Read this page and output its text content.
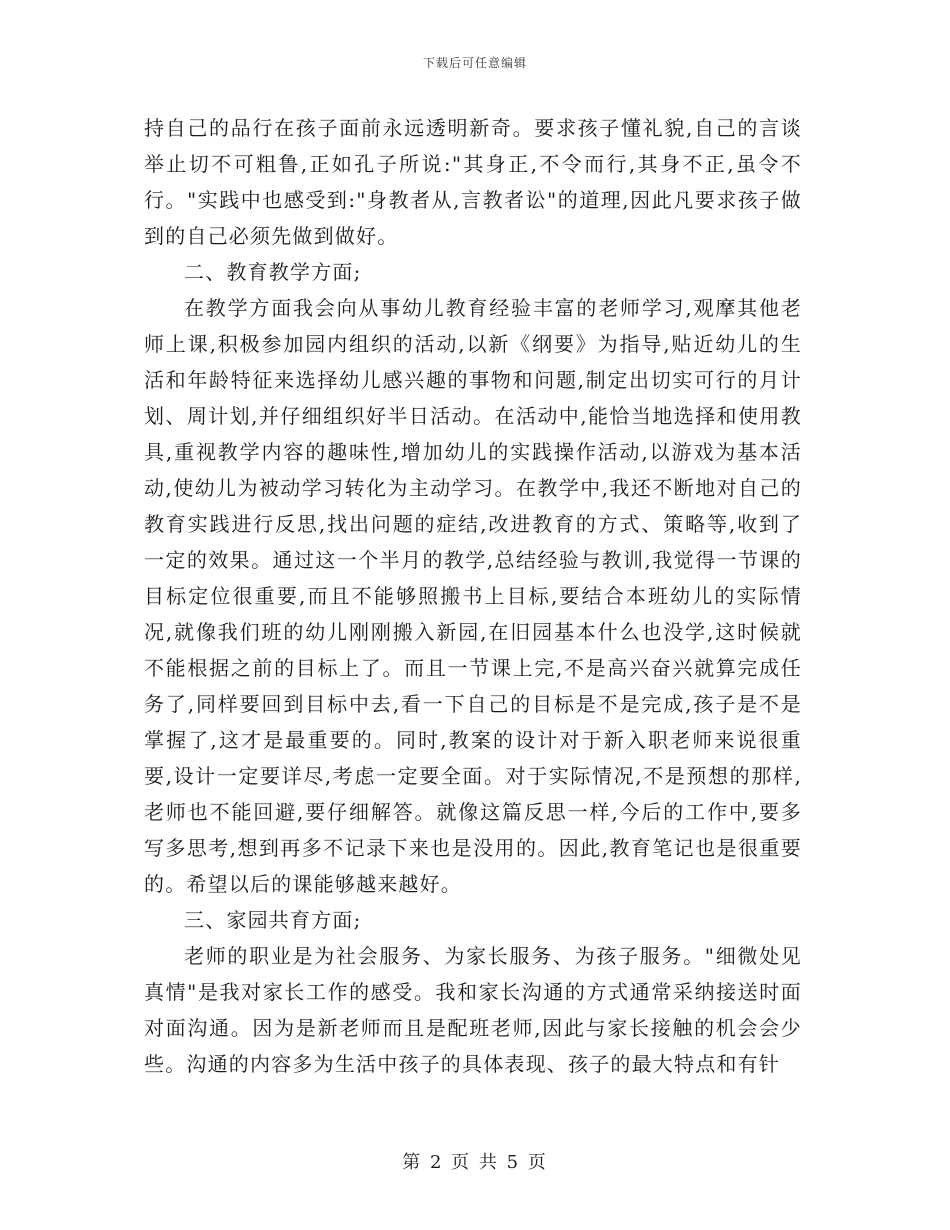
下载后可任意编辑

持自己的品行在孩子面前永远透明新奇。要求孩子懂礼貌,自己的言谈举止切不可粗鲁,正如孔子所说:"其身正,不令而行,其身不正,虽令不行。"实践中也感受到:"身教者从,言教者讼"的道理,因此凡要求孩子做到的自己必须先做到做好。

二、教育教学方面;

在教学方面我会向从事幼儿教育经验丰富的老师学习,观摩其他老师上课,积极参加园内组织的活动,以新《纲要》为指导,贴近幼儿的生活和年龄特征来选择幼儿感兴趣的事物和问题,制定出切实可行的月计划、周计划,并仔细组织好半日活动。在活动中,能恰当地选择和使用教具,重视教学内容的趣味性,增加幼儿的实践操作活动,以游戏为基本活动,使幼儿为被动学习转化为主动学习。在教学中,我还不断地对自己的教育实践进行反思,找出问题的症结,改进教育的方式、策略等,收到了一定的效果。通过这一个半月的教学,总结经验与教训,我觉得一节课的目标定位很重要,而且不能够照搬书上目标,要结合本班幼儿的实际情况,就像我们班的幼儿刚刚搬入新园,在旧园基本什么也没学,这时候就不能根据之前的目标上了。而且一节课上完,不是高兴奋兴就算完成任务了,同样要回到目标中去,看一下自己的目标是不是完成,孩子是不是掌握了,这才是最重要的。同时,教案的设计对于新入职老师来说很重要,设计一定要详尽,考虑一定要全面。对于实际情况,不是预想的那样,老师也不能回避,要仔细解答。就像这篇反思一样,今后的工作中,要多写多思考,想到再多不记录下来也是没用的。因此,教育笔记也是很重要的。希望以后的课能够越来越好。

三、家园共育方面;

老师的职业是为社会服务、为家长服务、为孩子服务。"细微处见真情"是我对家长工作的感受。我和家长沟通的方式通常采纳接送时面对面沟通。因为是新老师而且是配班老师,因此与家长接触的机会会少些。沟通的内容多为生活中孩子的具体表现、孩子的最大特点和有针

第 2 页 共 5 页
